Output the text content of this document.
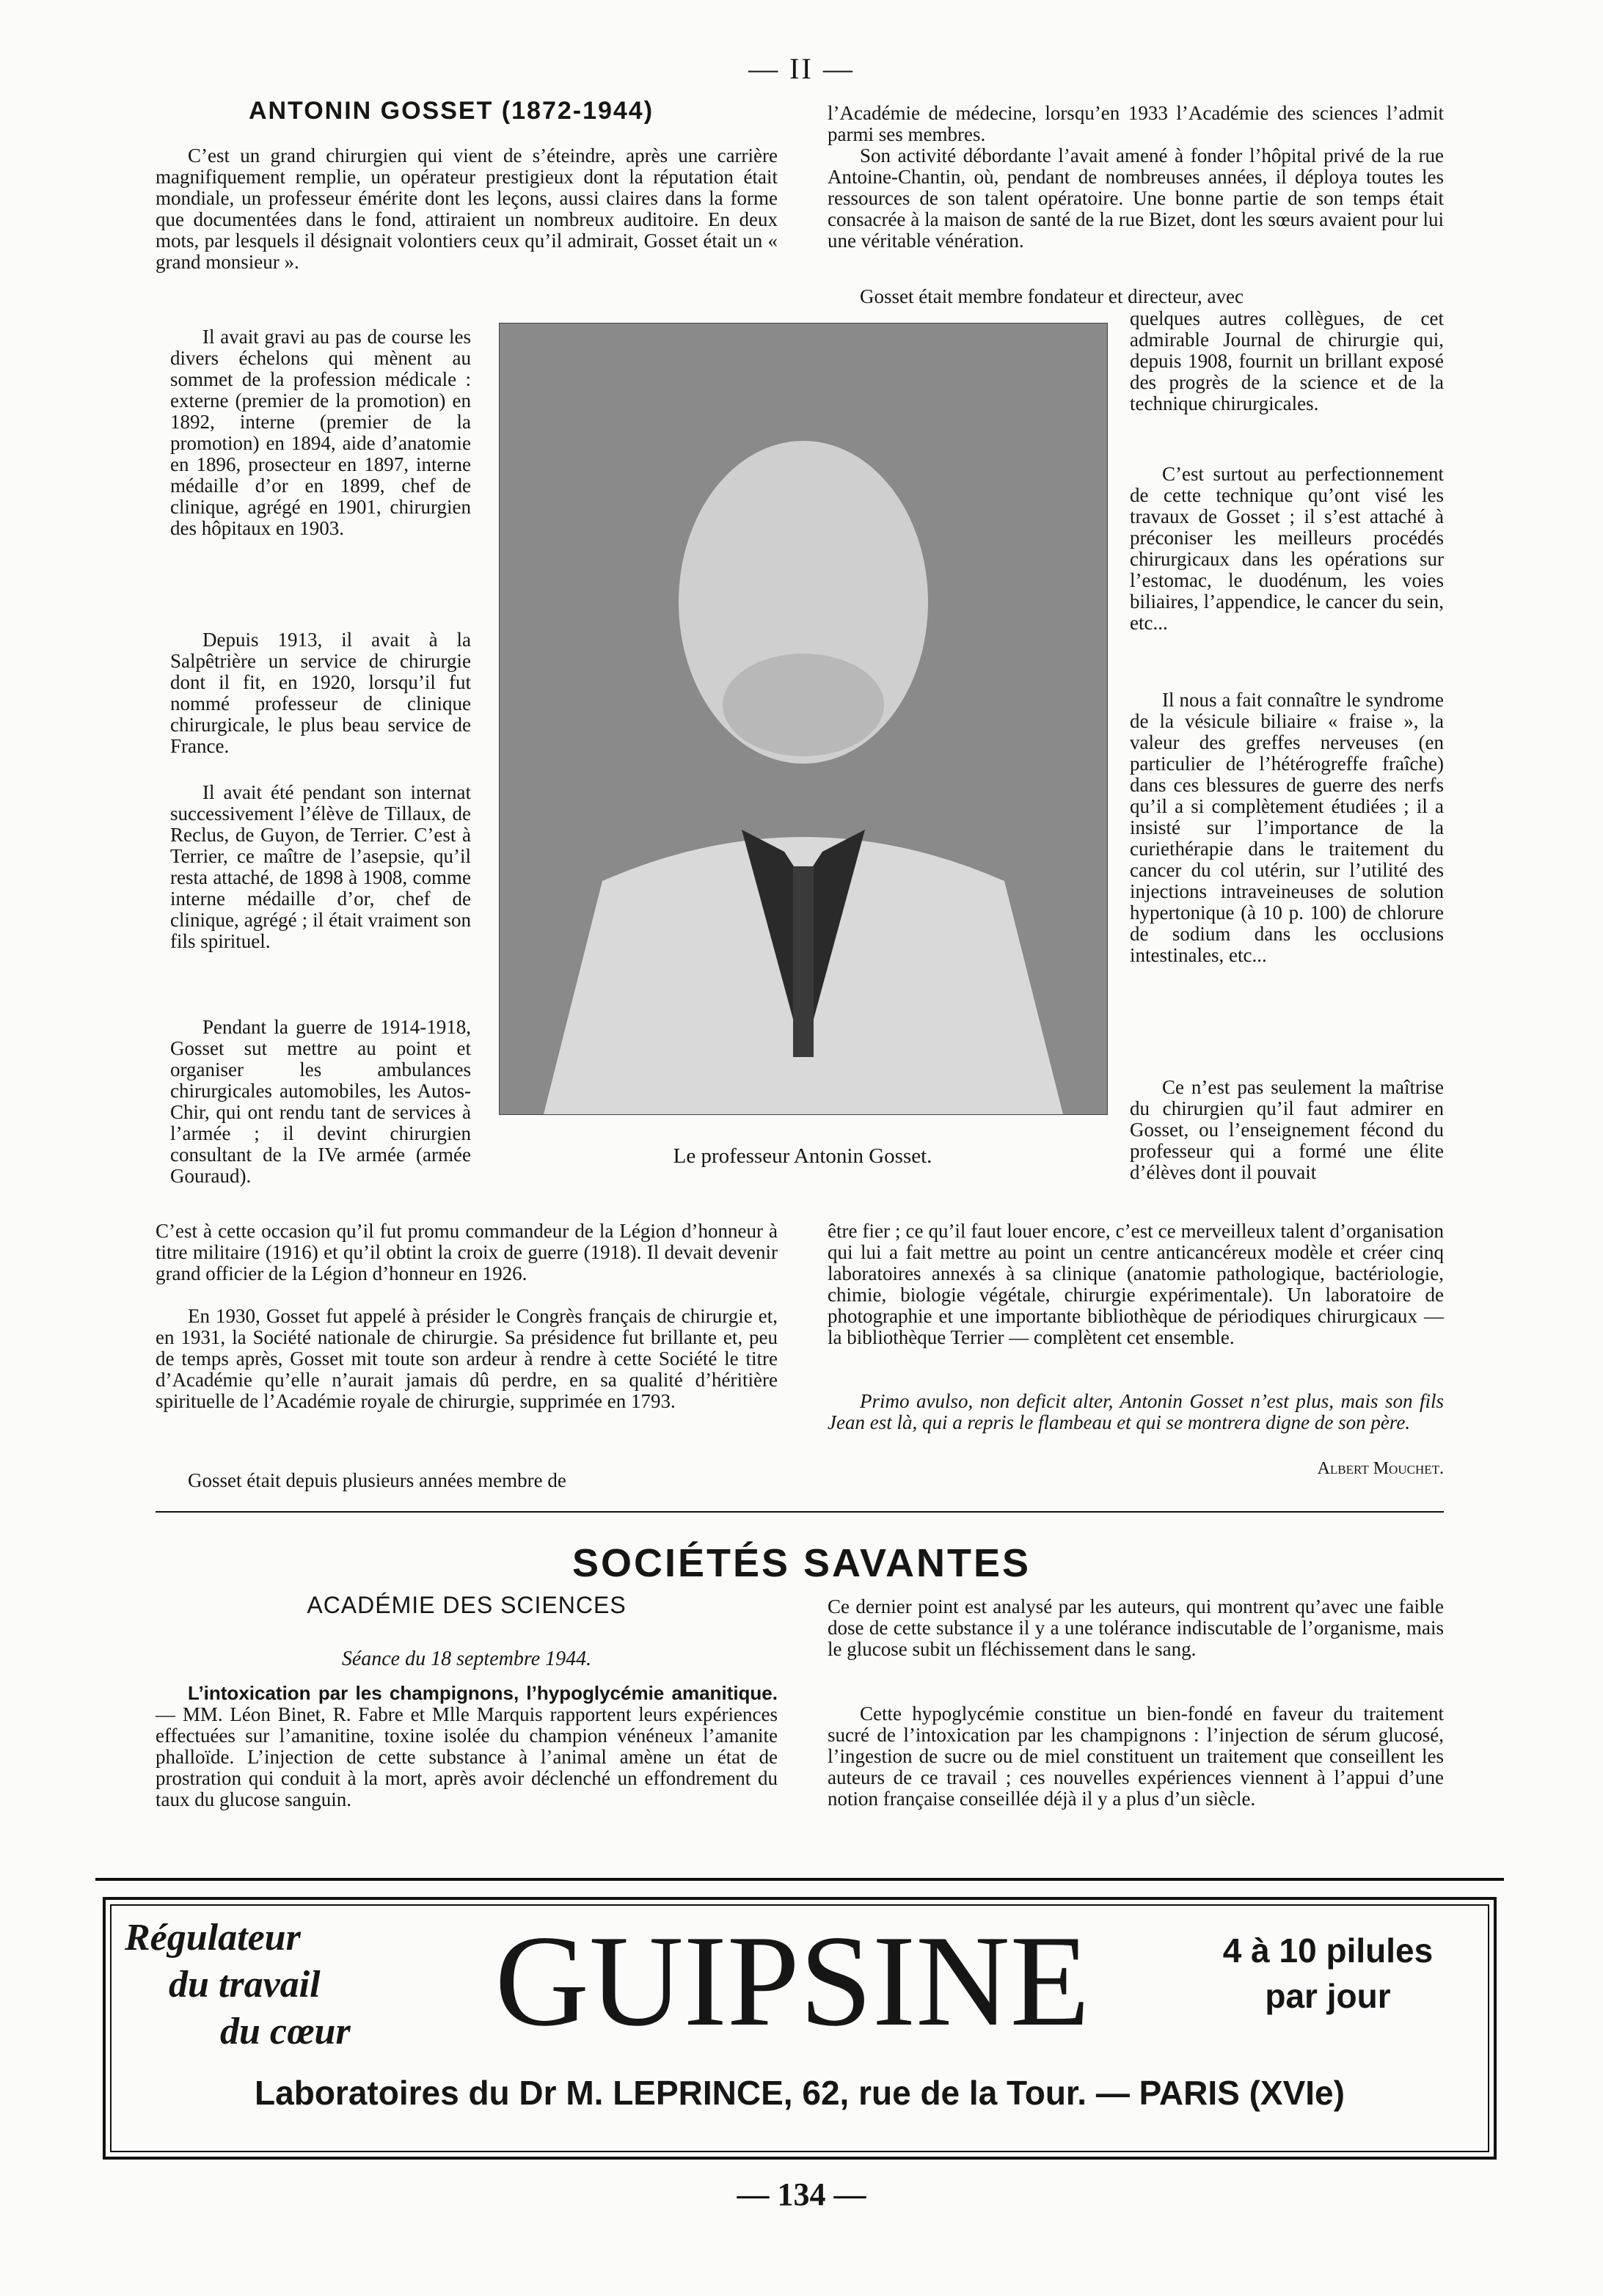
— II —
ANTONIN GOSSET (1872-1944)

C’est un grand chirurgien qui vient de s’éteindre, après une carrière magnifiquement remplie, un opérateur prestigieux dont la réputation était mondiale, un professeur émérite dont les leçons, aussi claires dans la forme que documentées dans le fond, attiraient un nombreux auditoire. En deux mots, par lesquels il désignait volontiers ceux qu’il admirait, Gosset était un « grand monsieur ».

Il avait gravi au pas de course les divers échelons qui mènent au sommet de la profession médicale : externe (premier de la promotion) en 1892, interne (premier de la promotion) en 1894, aide d’anatomie en 1896, prosecteur en 1897, interne médaille d’or en 1899, chef de clinique, agrégé en 1901, chirurgien des hôpitaux en 1903.

Depuis 1913, il avait à la Salpêtrière un service de chirurgie dont il fit, en 1920, lorsqu’il fut nommé professeur de clinique chirurgicale, le plus beau service de France.

Il avait été pendant son internat successivement l’élève de Tillaux, de Reclus, de Guyon, de Terrier. C’est à Terrier, ce maître de l’asepsie, qu’il resta attaché, de 1898 à 1908, comme interne médaille d’or, chef de clinique, agrégé ; il était vraiment son fils spirituel.

Pendant la guerre de 1914-1918, Gosset sut mettre au point et organiser les ambulances chirurgicales automobiles, les Autos-Chir, qui ont rendu tant de services à l’armée ; il devint chirurgien consultant de la IVe armée (armée Gouraud).

Le professeur Antonin Gosset.

C’est à cette occasion qu’il fut promu commandeur de la Légion d’honneur à titre militaire (1916) et qu’il obtint la croix de guerre (1918). Il devait devenir grand officier de la Légion d’honneur en 1926.

En 1930, Gosset fut appelé à présider le Congrès français de chirurgie et, en 1931, la Société nationale de chirurgie. Sa présidence fut brillante et, peu de temps après, Gosset mit toute son ardeur à rendre à cette Société le titre d’Académie qu’elle n’aurait jamais dû perdre, en sa qualité d’héritière spirituelle de l’Académie royale de chirurgie, supprimée en 1793.

Gosset était depuis plusieurs années membre de

l’Académie de médecine, lorsqu’en 1933 l’Académie des sciences l’admit parmi ses membres.

Son activité débordante l’avait amené à fonder l’hôpital privé de la rue Antoine-Chantin, où, pendant de nombreuses années, il déploya toutes les ressources de son talent opératoire. Une bonne partie de son temps était consacrée à la maison de santé de la rue Bizet, dont les sœurs avaient pour lui une véritable vénération.

Gosset était membre fondateur et directeur, avec

quelques autres collègues, de cet admirable Journal de chirurgie qui, depuis 1908, fournit un brillant exposé des progrès de la science et de la technique chirurgicales.

C’est surtout au perfectionnement de cette technique qu’ont visé les travaux de Gosset ; il s’est attaché à préconiser les meilleurs procédés chirurgicaux dans les opérations sur l’estomac, le duodénum, les voies biliaires, l’appendice, le cancer du sein, etc...

Il nous a fait connaître le syndrome de la vésicule biliaire « fraise », la valeur des greffes nerveuses (en particulier de l’hétérogreffe fraîche) dans ces blessures de guerre des nerfs qu’il a si complètement étudiées ; il a insisté sur l’importance de la curiethérapie dans le traitement du cancer du col utérin, sur l’utilité des injections intraveineuses de solution hypertonique (à 10 p. 100) de chlorure de sodium dans les occlusions intestinales, etc...

Ce n’est pas seulement la maîtrise du chirurgien qu’il faut admirer en Gosset, ou l’enseignement fécond du professeur qui a formé une élite d’élèves dont il pouvait

être fier ; ce qu’il faut louer encore, c’est ce merveilleux talent d’organisation qui lui a fait mettre au point un centre anticancéreux modèle et créer cinq laboratoires annexés à sa clinique (anatomie pathologique, bactériologie, chimie, biologie végétale, chirurgie expérimentale). Un laboratoire de photographie et une importante bibliothèque de périodiques chirurgicaux — la bibliothèque Terrier — complètent cet ensemble.

Primo avulso, non deficit alter, Antonin Gosset n’est plus, mais son fils Jean est là, qui a repris le flambeau et qui se montrera digne de son père.

Albert Mouchet.
SOCIÉTÉS SAVANTES
ACADÉMIE DES SCIENCES
Séance du 18 septembre 1944.

L’intoxication par les champignons, l’hypoglycémie amanitique. — MM. Léon Binet, R. Fabre et Mlle Marquis rapportent leurs expériences effectuées sur l’amanitine, toxine isolée du champion vénéneux l’amanite phalloïde. L’injection de cette substance à l’animal amène un état de prostration qui conduit à la mort, après avoir déclenché un effondrement du taux du glucose sanguin.

Ce dernier point est analysé par les auteurs, qui montrent qu’avec une faible dose de cette substance il y a une tolérance indiscutable de l’organisme, mais le glucose subit un fléchissement dans le sang.

Cette hypoglycémie constitue un bien-fondé en faveur du traitement sucré de l’intoxication par les champignons : l’injection de sérum glucosé, l’ingestion de sucre ou de miel constituent un traitement que conseillent les auteurs de ce travail ; ces nouvelles expériences viennent à l’appui d’une notion française conseillée déjà il y a plus d’un siècle.

Régulateur
du travail
du cœur	GUIPSINE	4 à 10 pilules
par jour
Laboratoires du Dr M. LEPRINCE, 62, rue de la Tour. — PARIS (XVIe)
— 134 —
